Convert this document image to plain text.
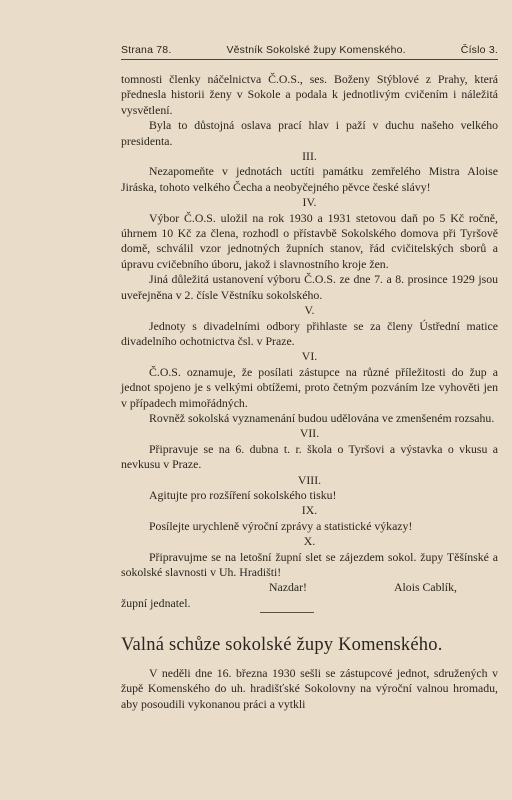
Strana 78.	Věstník Sokolské župy Komenského.	Číslo 3.

tomnosti členky náčelnictva Č.O.S., ses. Boženy Stýblové z Prahy, která přednesla historii ženy v Sokole a podala k jednotlivým cvičením i náležitá vysvětlení.

Byla to důstojná oslava prací hlav i paží v duchu našeho velkého presidenta.

III.

Nezapomeňte v jednotách uctíti památku zemřelého Mistra Aloise Jiráska, tohoto velkého Čecha a neobyčejného pěvce české slávy!

IV.

Výbor Č.O.S. uložil na rok 1930 a 1931 stetovou daň po 5 Kč ročně, úhrnem 10 Kč za člena, rozhodl o přístavbě Sokolského domova při Tyršově domě, schválil vzor jednotných župních stanov, řád cvičitelských sborů a úpravu cvičebního úboru, jakož i slavnostního kroje žen.

Jiná důležitá ustanovení výboru Č.O.S. ze dne 7. a 8. prosince 1929 jsou uveřejněna v 2. čísle Věstníku sokolského.

V.

Jednoty s divadelními odbory přihlaste se za členy Ústřední matice divadelního ochotnictva čsl. v Praze.

VI.

Č.O.S. oznamuje, že posílati zástupce na různé příležitosti do žup a jednot spojeno je s velkými obtížemi, proto četným pozváním lze vyhověti jen v případech mimořádných.

Rovněž sokolská vyznamenání budou udělována ve zmenšeném rozsahu.

VII.

Připravuje se na 6. dubna t. r. škola o Tyršovi a výstavka o vkusu a nevkusu v Praze.

VIII.

Agitujte pro rozšíření sokolského tisku!

IX.

Posílejte urychleně výroční zprávy a statistické výkazy!

X.

Připravujme se na letošní župní slet se zájezdem sokol. župy Těšínské a sokolské slavnosti v Uh. Hradišti!

Nazdar!	Alois Cablík,

župní jednatel.

Valná schůze sokolské župy Komenského.

V neděli dne 16. března 1930 sešli se zástupcové jednot, sdružených v župě Komenského do uh. hradišťské Sokolovny na výroční valnou hromadu, aby posoudili vykonanou práci a vytkli
